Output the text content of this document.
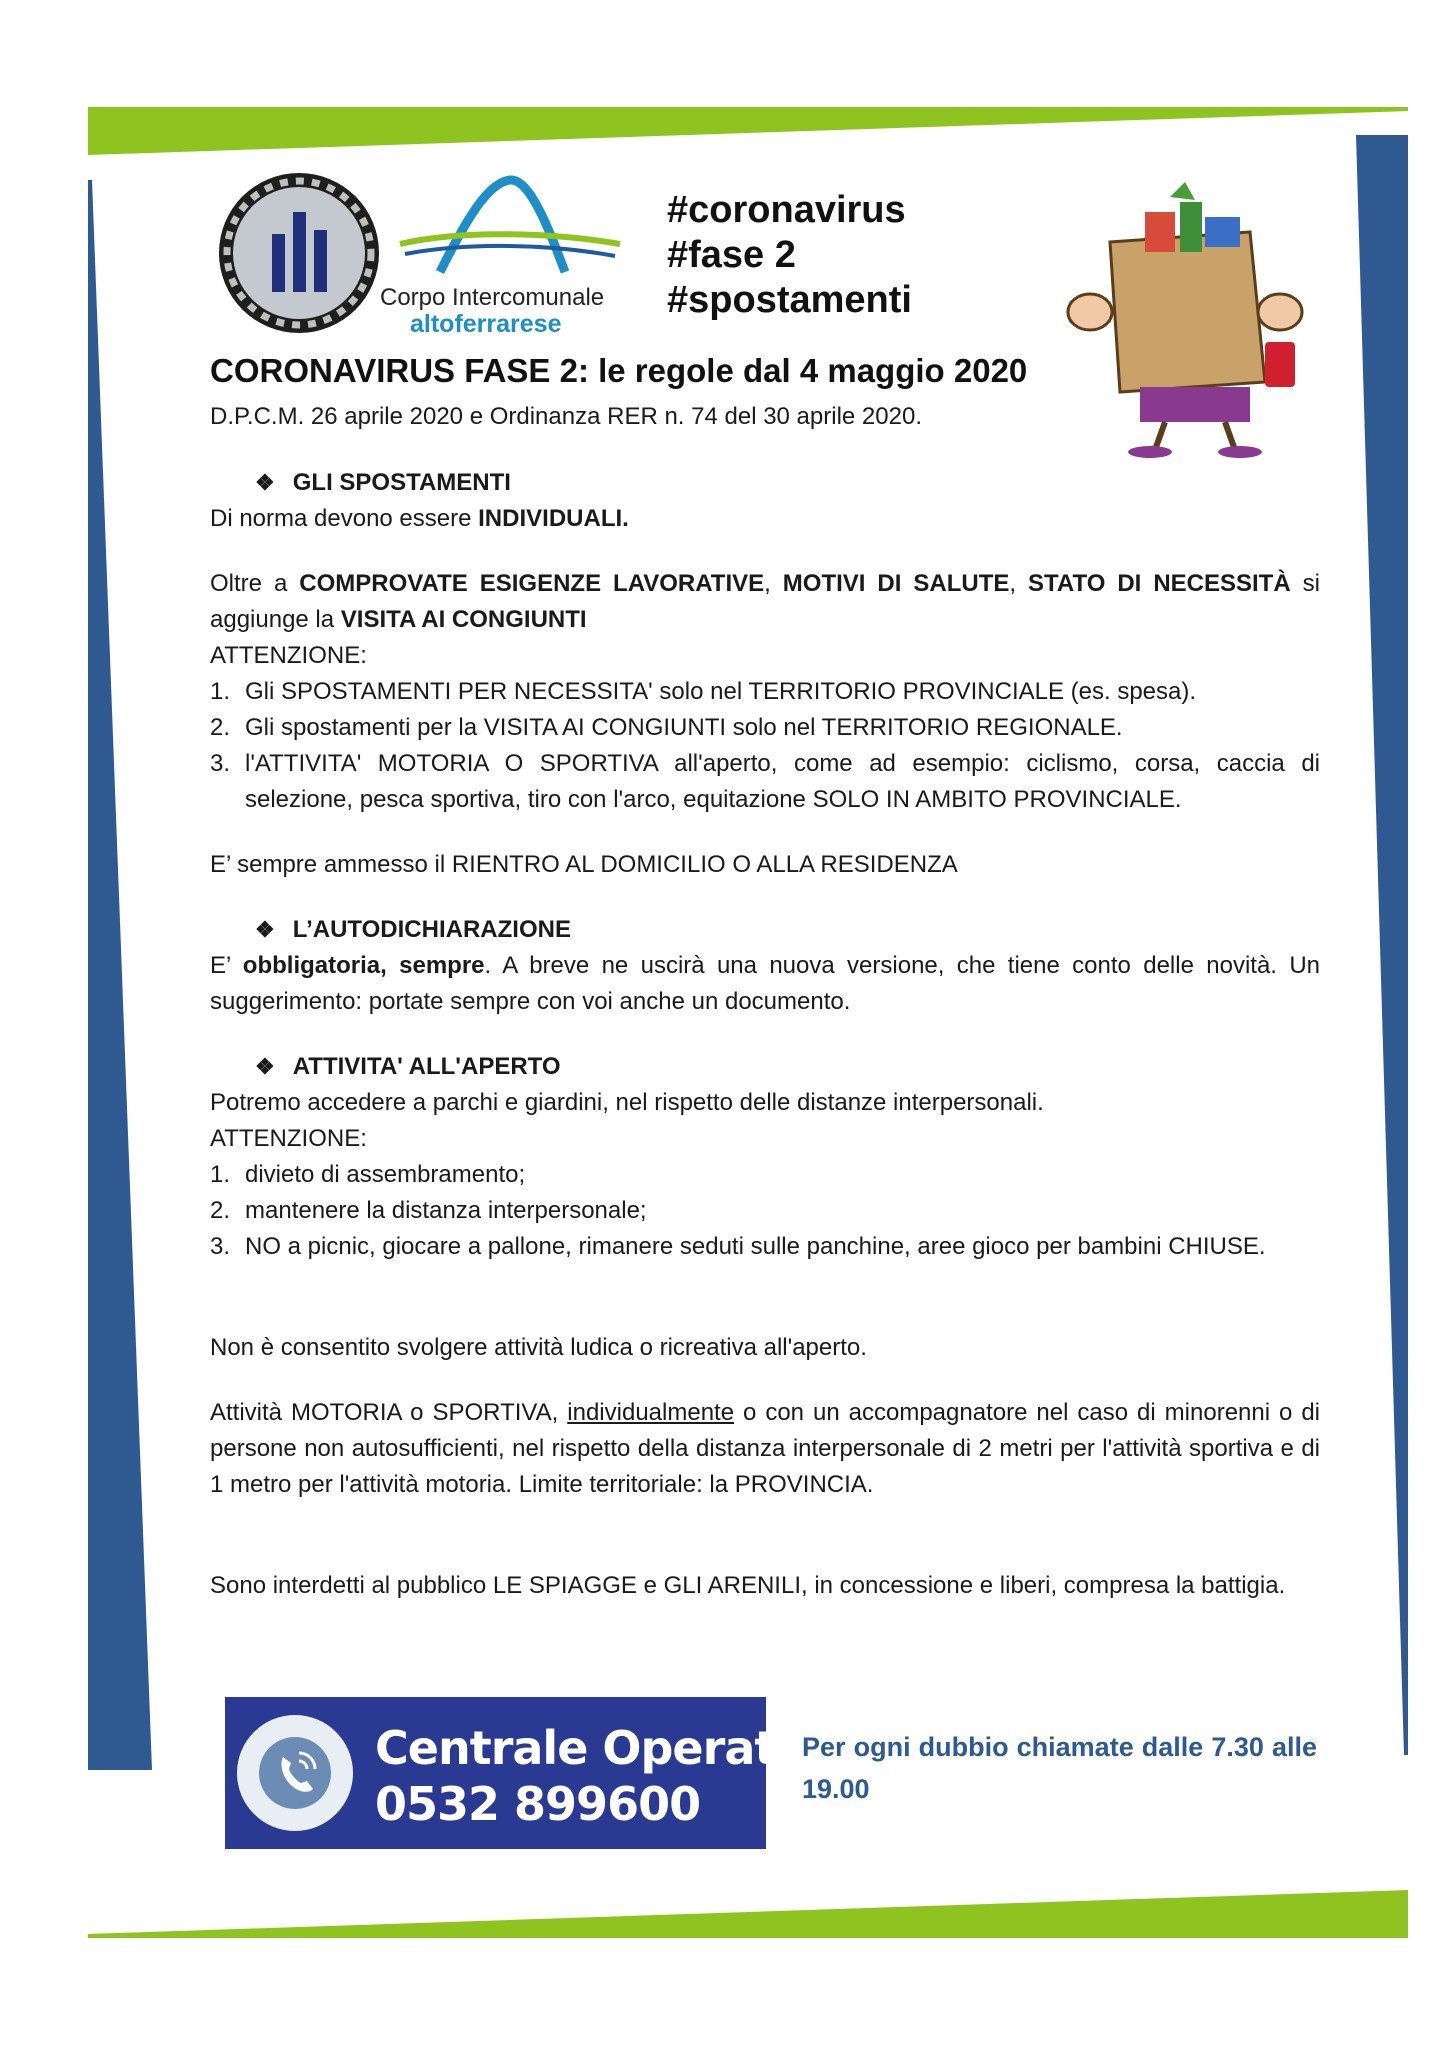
Corpo Intercomunale
altoferrarese
#coronavirus
#fase 2
#spostamenti
CORONAVIRUS FASE 2: le regole dal 4 maggio 2020
D.P.C.M. 26 aprile 2020 e Ordinanza RER n. 74 del 30 aprile 2020.
❖ GLI SPOSTAMENTI
Di norma devono essere INDIVIDUALI.
Oltre a COMPROVATE ESIGENZE LAVORATIVE, MOTIVI DI SALUTE, STATO DI NECESSITÀ si aggiunge la VISITA AI CONGIUNTI
ATTENZIONE:
1. Gli SPOSTAMENTI PER NECESSITA' solo nel TERRITORIO PROVINCIALE (es. spesa).
2. Gli spostamenti per la VISITA AI CONGIUNTI solo nel TERRITORIO REGIONALE.
3. l'ATTIVITA' MOTORIA O SPORTIVA all'aperto, come ad esempio: ciclismo, corsa, caccia di selezione, pesca sportiva, tiro con l'arco, equitazione SOLO IN AMBITO PROVINCIALE.
E’ sempre ammesso il RIENTRO AL DOMICILIO O ALLA RESIDENZA
❖ L’AUTODICHIARAZIONE
E’ obbligatoria, sempre. A breve ne uscirà una nuova versione, che tiene conto delle novità. Un suggerimento: portate sempre con voi anche un documento.
❖ ATTIVITA' ALL'APERTO
Potremo accedere a parchi e giardini, nel rispetto delle distanze interpersonali.
ATTENZIONE:
1. divieto di assembramento;
2. mantenere la distanza interpersonale;
3. NO a picnic, giocare a pallone, rimanere seduti sulle panchine, aree gioco per bambini CHIUSE.
Non è consentito svolgere attività ludica o ricreativa all'aperto.
Attività MOTORIA o SPORTIVA, individualmente o con un accompagnatore nel caso di minorenni o di persone non autosufficienti, nel rispetto della distanza interpersonale di 2 metri per l'attività sportiva e di 1 metro per l'attività motoria. Limite territoriale: la PROVINCIA.
Sono interdetti al pubblico LE SPIAGGE e GLI ARENILI, in concessione e liberi, compresa la battigia.
Centrale Operativa
0532 899600
Per ogni dubbio chiamate dalle 7.30 alle 19.00
